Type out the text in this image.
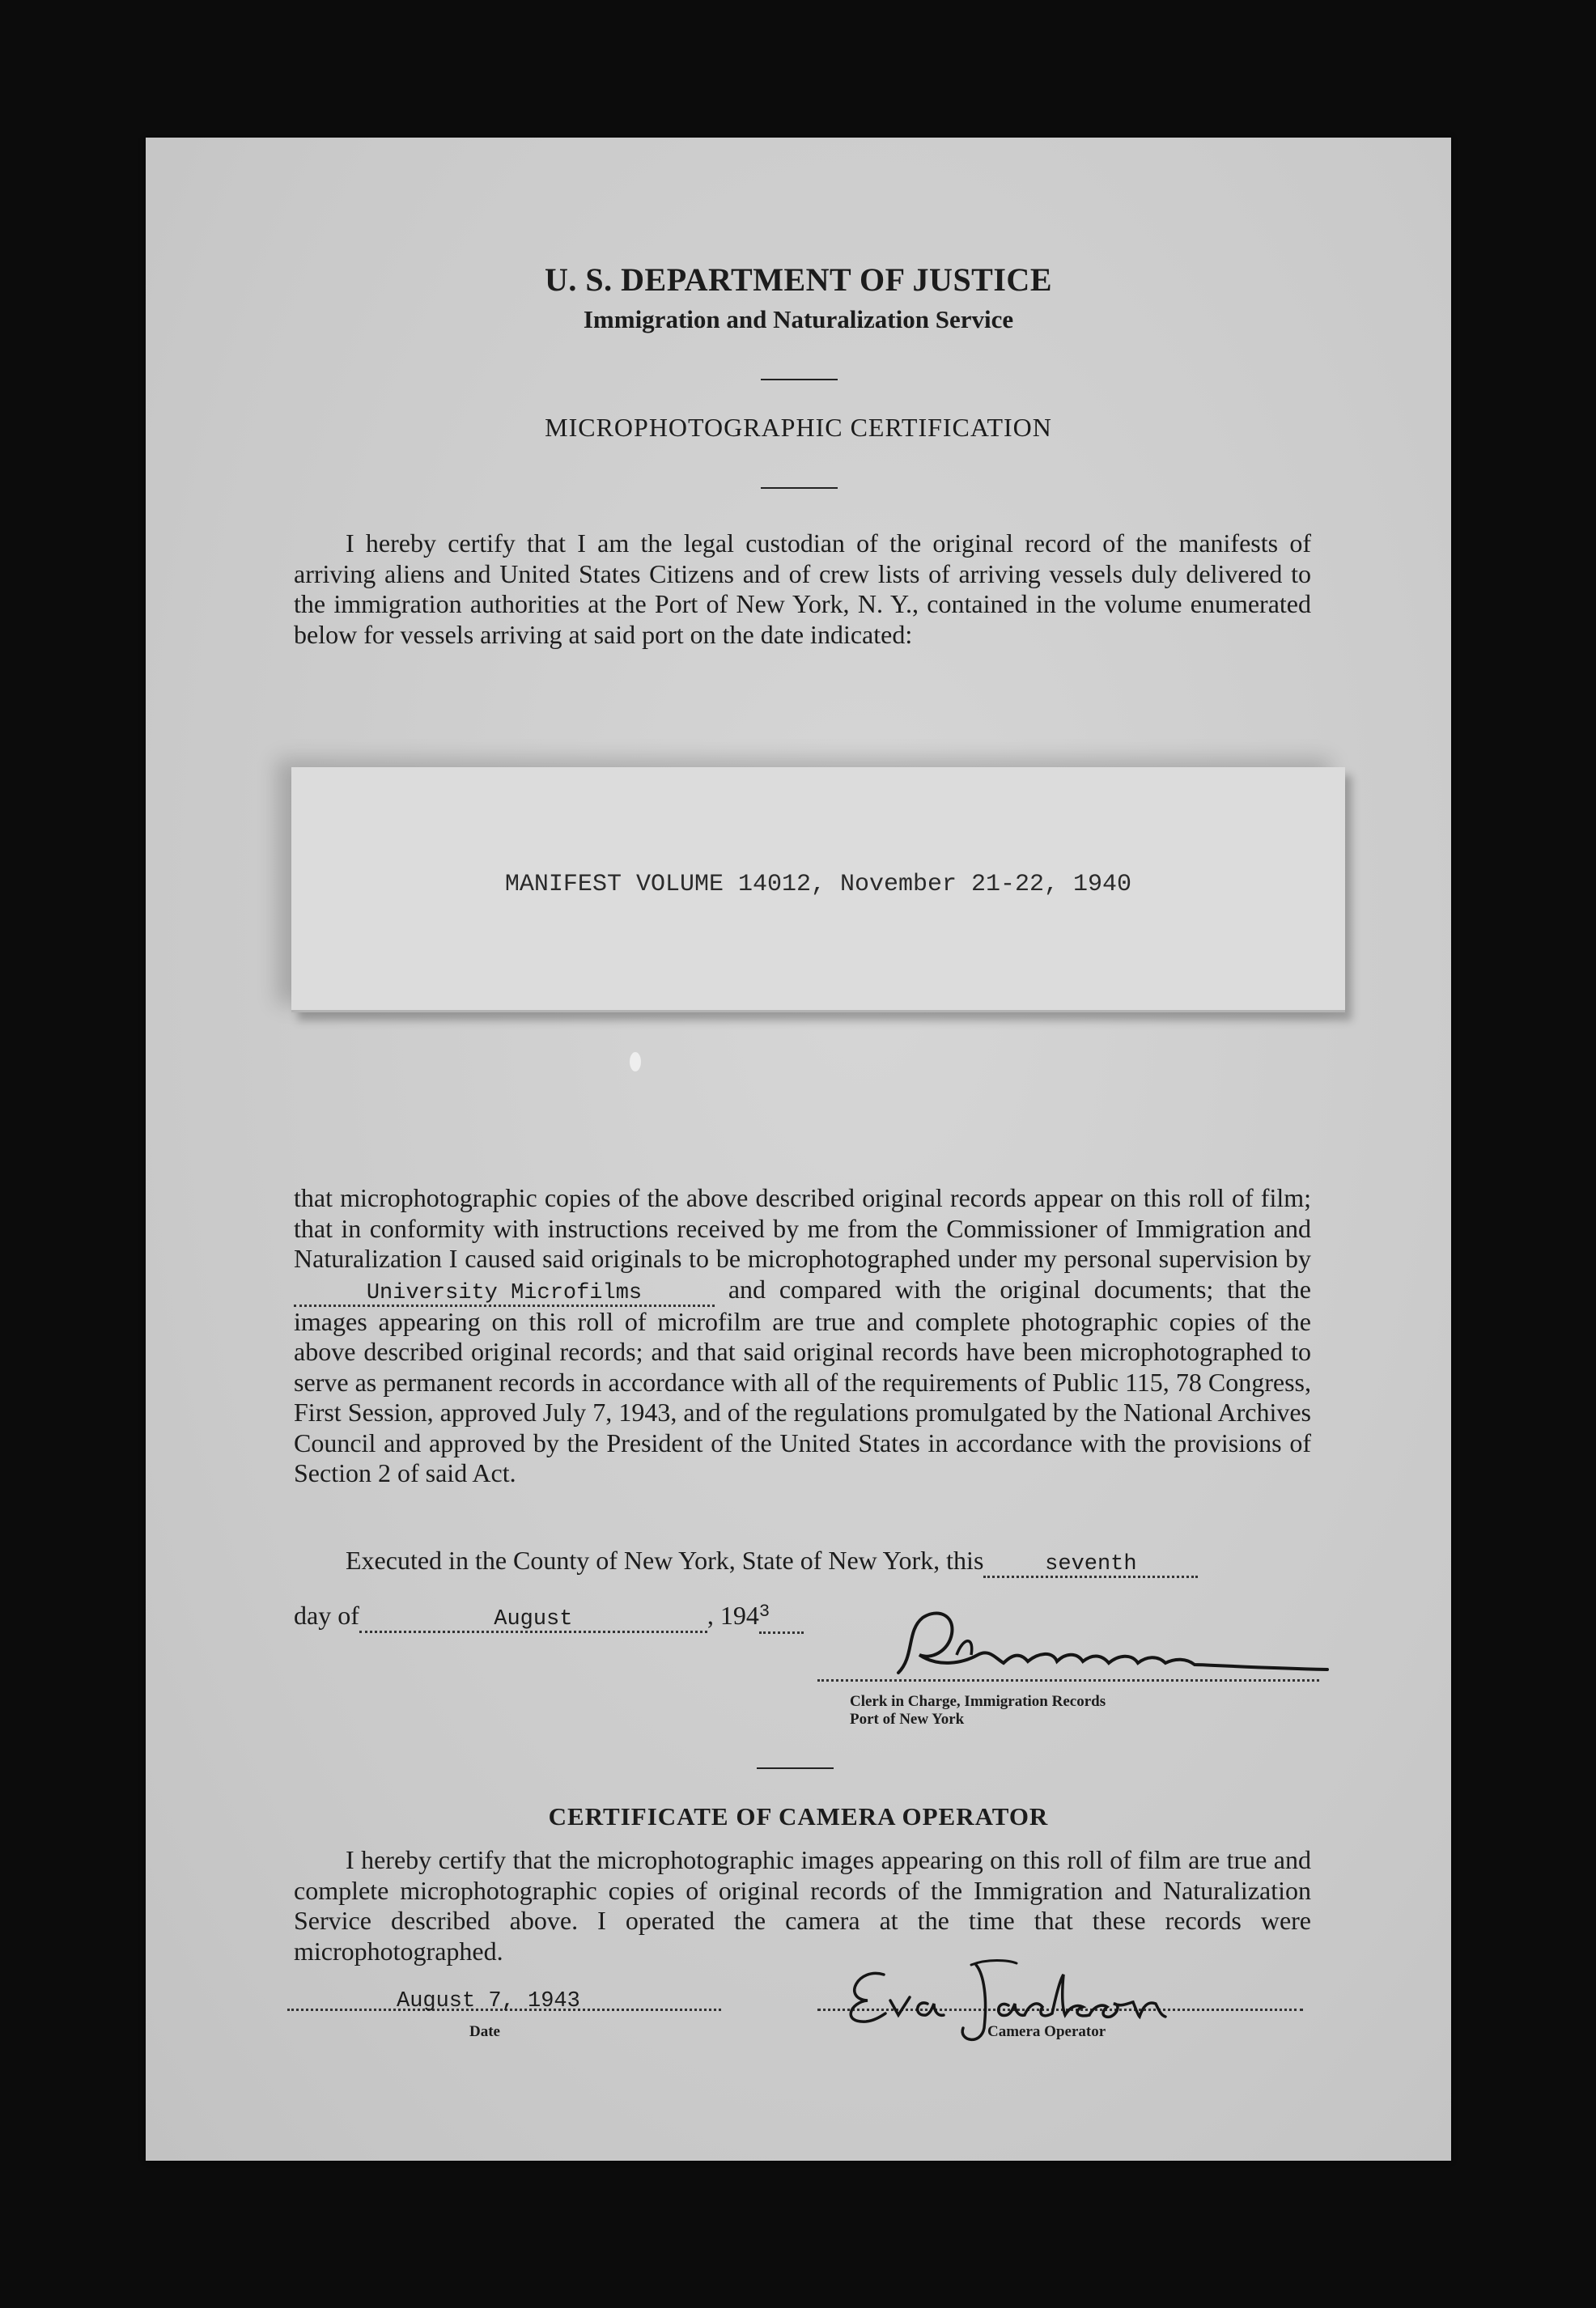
U. S. DEPARTMENT OF JUSTICE
Immigration and Naturalization Service
MICROPHOTOGRAPHIC CERTIFICATION

I hereby certify that I am the legal custodian of the original record of the manifests of arriving aliens and United States Citizens and of crew lists of arriving vessels duly delivered to the immigration authorities at the Port of New York, N. Y., contained in the volume enumerated below for vessels arriving at said port on the date indicated:

MANIFEST VOLUME 14012, November 21-22, 1940

that microphotographic copies of the above described original records appear on this roll of film; that in conformity with instructions received by me from the Commissioner of Immigration and Naturalization I caused said originals to be microphotographed under my personal supervision by University Microfilms	and compared with the original documents; that the images appearing on this roll of microfilm are true and complete photographic copies of the above described original records; and that said original records have been microphotographed to serve as permanent records in accordance with all of the requirements of Public 115, 78 Congress, First Session, approved July 7, 1943, and of the regulations promulgated by the National Archives Council and approved by the President of the United States in accordance with the provisions of Section 2 of said Act.

Executed in the County of New York, State of New York, this	seventh
day of	August	, $194^3$
Clerk in Charge, Immigration Records
Port of New York
CERTIFICATE OF CAMERA OPERATOR

I hereby certify that the microphotographic images appearing on this roll of film are true and complete microphotographic copies of original records of the Immigration and Naturalization Service described above. I operated the camera at the time that these records were microphotographed.

August 7, 1943
Date	Camera Operator
